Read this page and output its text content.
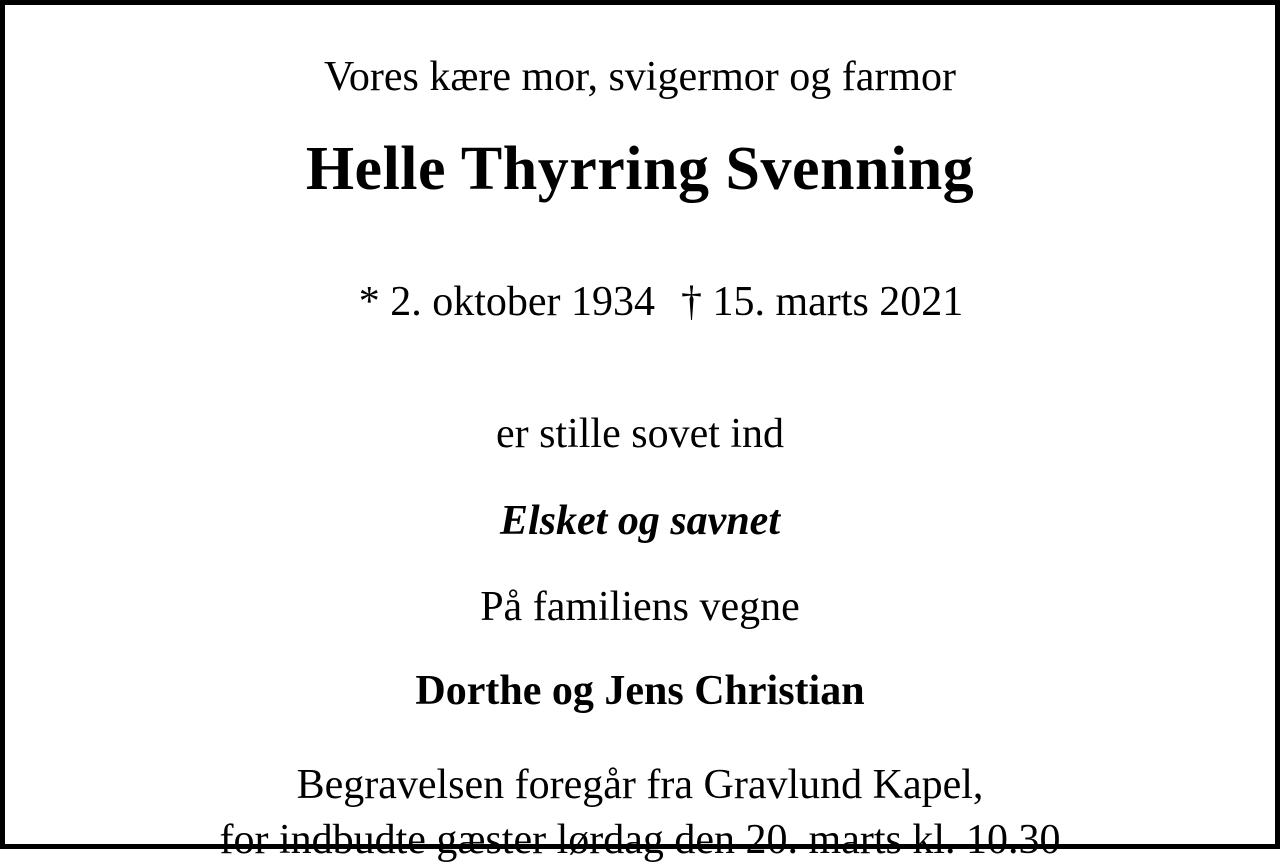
Vores kære mor, svigermor og farmor
Helle Thyrring Svenning

* 2. oktober 1934 † 15. marts 2021

er stille sovet ind
Elsket og savnet
På familiens vegne
Dorthe og Jens Christian
Begravelsen foregår fra Gravlund Kapel,
for indbudte gæster lørdag den 20. marts kl. 10.30
